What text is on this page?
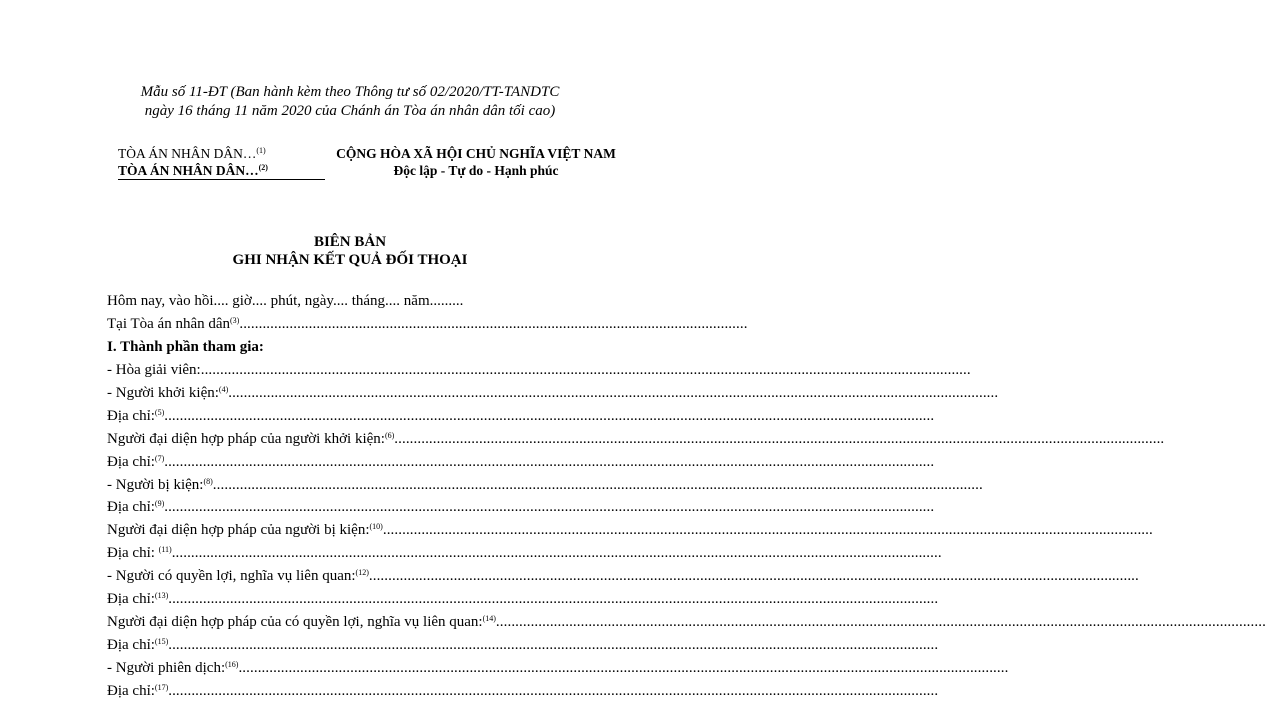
Mẫu số 11-ĐT (Ban hành kèm theo Thông tư số 02/2020/TT-TANDTC
ngày 16 tháng 11 năm 2020 của Chánh án Tòa án nhân dân tối cao)
TÒA ÁN NHÂN DÂN…$^{(1)}$
TÒA ÁN NHÂN DÂN…$^{(2)}$
CỘNG HÒA XÃ HỘI CHỦ NGHĨA VIỆT NAM
Độc lập - Tự do - Hạnh phúc
BIÊN BẢN
GHI NHẬN KẾT QUẢ ĐỐI THOẠI
Hôm nay, vào hồi.... giờ.... phút, ngày.... tháng.... năm.........
Tại Tòa án nhân dân$^{(3)}$....................................................................................................................................
I. Thành phần tham gia:
- Hòa giải viên:........................................................................................................................................................................................................
- Người khởi kiện:$^{(4)}$........................................................................................................................................................................................................
Địa chỉ:$^{(5)}$........................................................................................................................................................................................................
Người đại diện hợp pháp của người khởi kiện:$^{(6)}$........................................................................................................................................................................................................
Địa chỉ:$^{(7)}$........................................................................................................................................................................................................
- Người bị kiện:$^{(8)}$........................................................................................................................................................................................................
Địa chỉ:$^{(9)}$........................................................................................................................................................................................................
Người đại diện hợp pháp của người bị kiện:$^{(10)}$........................................................................................................................................................................................................
Địa chỉ: $^{(11)}$........................................................................................................................................................................................................
- Người có quyền lợi, nghĩa vụ liên quan:$^{(12)}$........................................................................................................................................................................................................
Địa chỉ:$^{(13)}$........................................................................................................................................................................................................
Người đại diện hợp pháp của có quyền lợi, nghĩa vụ liên quan:$^{(14)}$........................................................................................................................................................................................................
Địa chỉ:$^{(15)}$........................................................................................................................................................................................................
- Người phiên dịch:$^{(16)}$........................................................................................................................................................................................................
Địa chỉ:$^{(17)}$........................................................................................................................................................................................................
